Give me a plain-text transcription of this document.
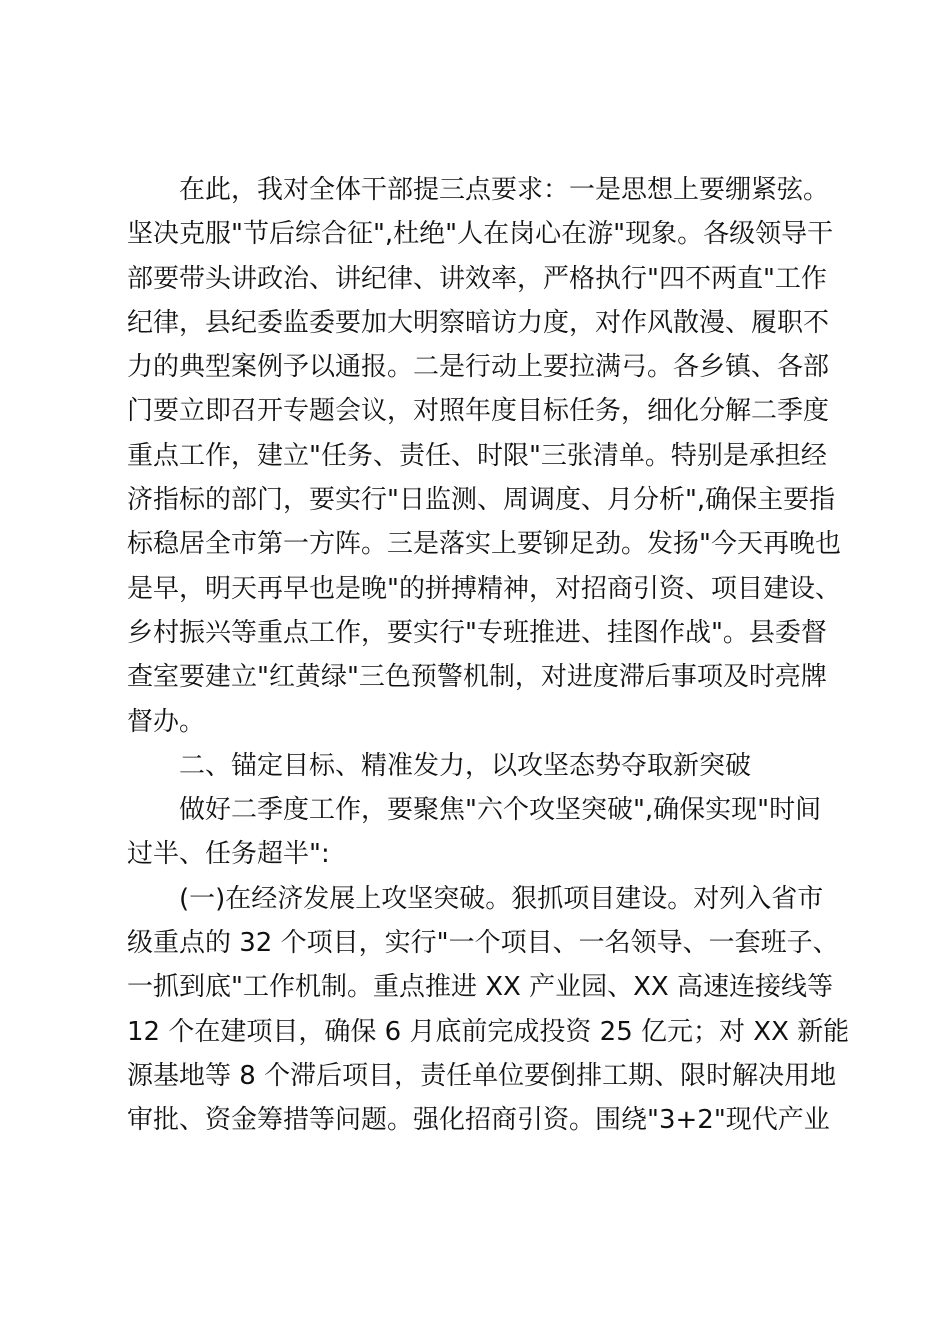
在此，我对全体干部提三点要求：一是思想上要绷紧弦。
坚决克服"节后综合征",杜绝"人在岗心在游"现象。各级领导干
部要带头讲政治、讲纪律、讲效率，严格执行"四不两直"工作
纪律，县纪委监委要加大明察暗访力度，对作风散漫、履职不
力的典型案例予以通报。二是行动上要拉满弓。各乡镇、各部
门要立即召开专题会议，对照年度目标任务，细化分解二季度
重点工作，建立"任务、责任、时限"三张清单。特别是承担经
济指标的部门，要实行"日监测、周调度、月分析",确保主要指
标稳居全市第一方阵。三是落实上要铆足劲。发扬"今天再晚也
是早，明天再早也是晚"的拼搏精神，对招商引资、项目建设、
乡村振兴等重点工作，要实行"专班推进、挂图作战"。县委督
查室要建立"红黄绿"三色预警机制，对进度滞后事项及时亮牌
督办。
二、锚定目标、精准发力，以攻坚态势夺取新突破
做好二季度工作，要聚焦"六个攻坚突破",确保实现"时间
过半、任务超半":
(一)在经济发展上攻坚突破。狠抓项目建设。对列入省市
级重点的 32 个项目，实行"一个项目、一名领导、一套班子、
一抓到底"工作机制。重点推进 XX 产业园、XX 高速连接线等
12 个在建项目，确保 6 月底前完成投资 25 亿元；对 XX 新能
源基地等 8 个滞后项目，责任单位要倒排工期、限时解决用地
审批、资金筹措等问题。强化招商引资。围绕"3+2"现代产业
